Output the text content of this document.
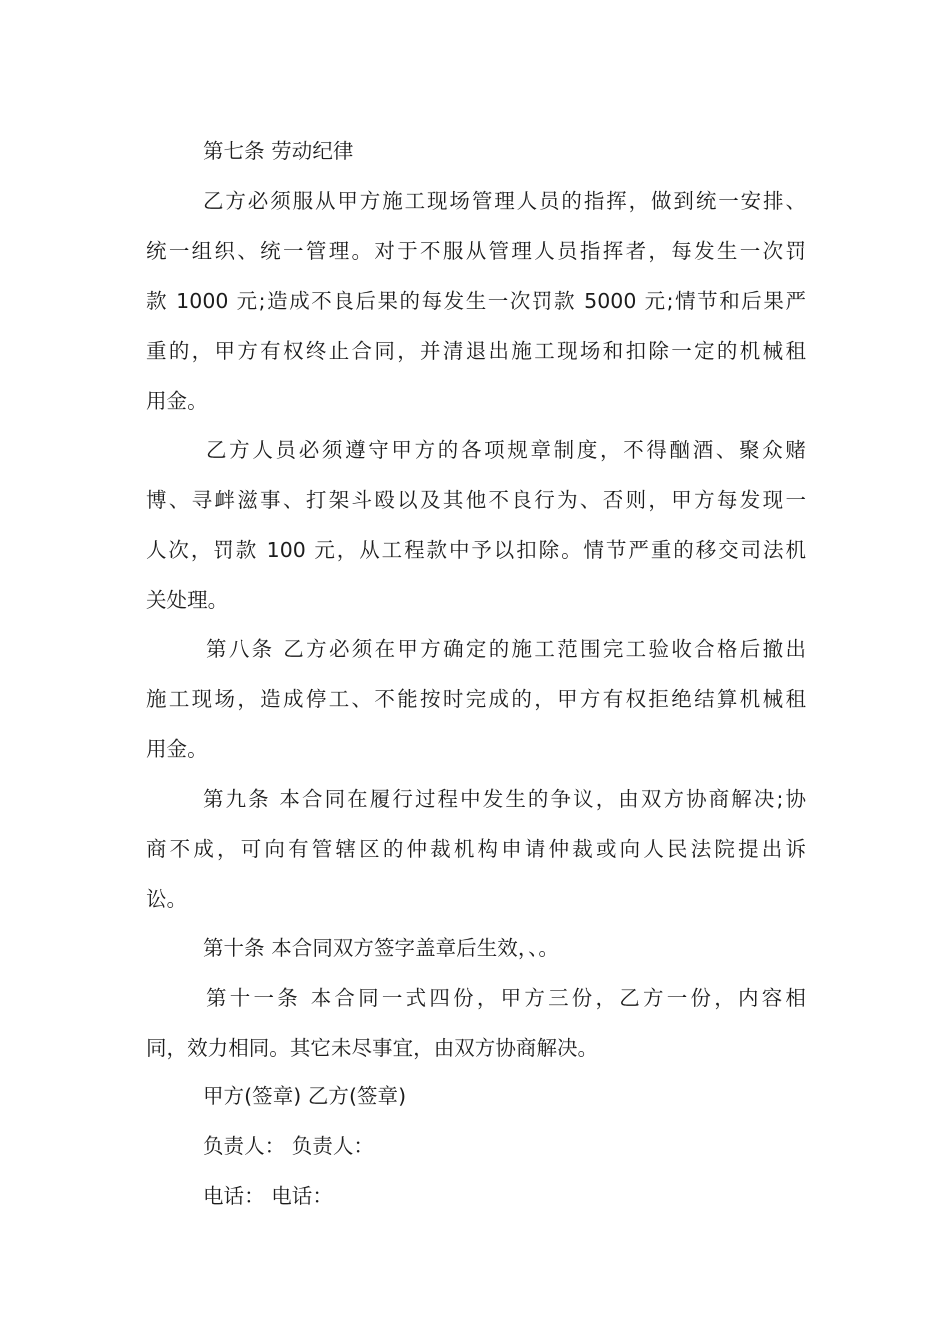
第七条 劳动纪律
乙方必须服从甲方施工现场管理人员的指挥，做到统一安排、
统一组织、统一管理。对于不服从管理人员指挥者，每发生一次罚
款 1000 元;造成不良后果的每发生一次罚款 5000 元;情节和后果严
重的，甲方有权终止合同，并清退出施工现场和扣除一定的机械租
用金。
乙方人员必须遵守甲方的各项规章制度，不得酗酒、聚众赌
博、寻衅滋事、打架斗殴以及其他不良行为、否则，甲方每发现一
人次，罚款 100 元，从工程款中予以扣除。情节严重的移交司法机
关处理。
第八条 乙方必须在甲方确定的施工范围完工验收合格后撤出
施工现场，造成停工、不能按时完成的，甲方有权拒绝结算机械租
用金。
第九条 本合同在履行过程中发生的争议，由双方协商解决;协
商不成，可向有管辖区的仲裁机构申请仲裁或向人民法院提出诉
讼。
第十条 本合同双方签字盖章后生效，、。
第十一条 本合同一式四份，甲方三份，乙方一份，内容相
同，效力相同。其它未尽事宜，由双方协商解决。
甲方(签章) 乙方(签章)
负责人： 负责人：
电话： 电话：
